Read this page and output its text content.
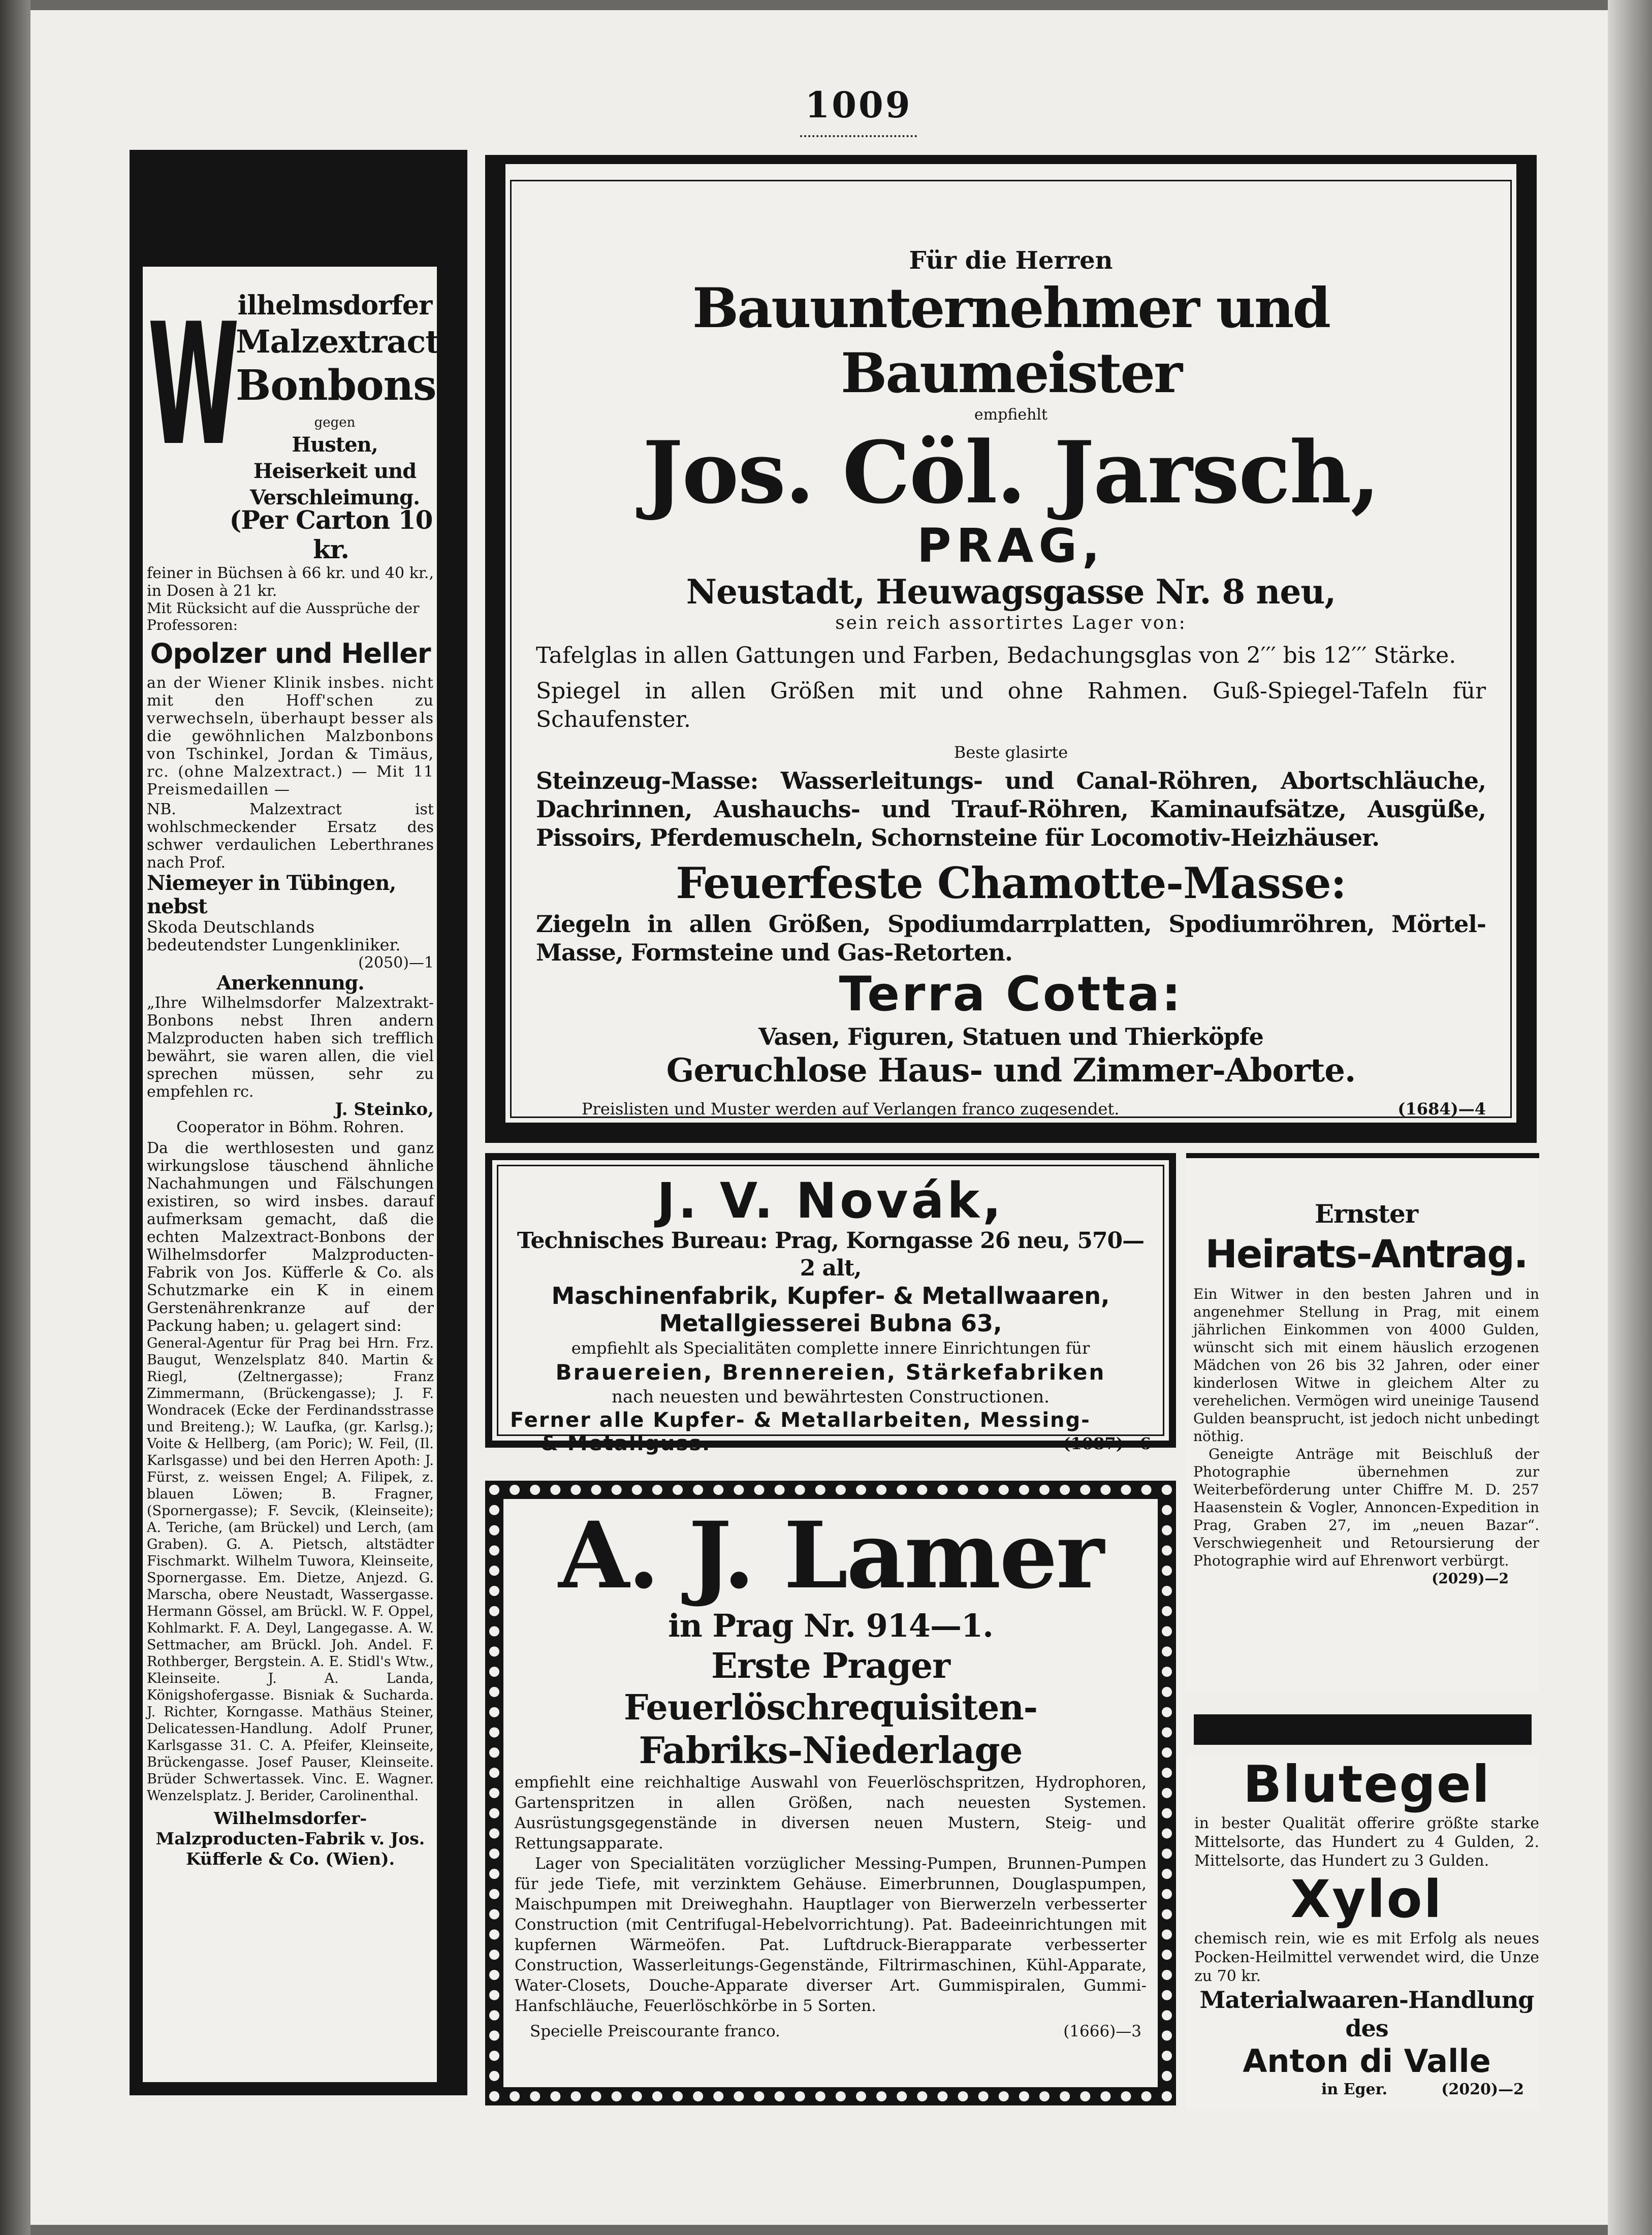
1009
W
ilhelmsdorfer
Malzextract-
Bonbons
gegen
Husten, Heiserkeit und Verschleimung.
(Per Carton 10 kr.
feiner in Büchsen à 66 kr. und 40 kr., in Dosen à 21 kr.
Mit Rücksicht auf die Aussprüche der Professoren:
Opolzer und Heller
an der Wiener Klinik insbes. nicht mit den Hoff'schen zu verwechseln, überhaupt besser als die gewöhnlichen Malzbonbons von Tschinkel, Jordan & Timäus, rc. (ohne Malzextract.) — Mit 11 Preismedaillen —
NB. Malzextract ist wohlschmeckender Ersatz des schwer verdaulichen Leberthranes nach Prof.
Niemeyer in Tübingen, nebst
Skoda Deutschlands bedeutendster Lungenkliniker.
(2050)—1
Anerkennung.
„Ihre Wilhelmsdorfer Malzextrakt-Bonbons nebst Ihren andern Malzproducten haben sich trefflich bewährt, sie waren allen, die viel sprechen müssen, sehr zu empfehlen rc.
J. Steinko,
Cooperator in Böhm. Rohren.
Da die werthlosesten und ganz wirkungslose täuschend ähnliche Nachahmungen und Fälschungen existiren, so wird insbes. darauf aufmerksam gemacht, daß die echten Malzextract-Bonbons der Wilhelmsdorfer Malzproducten-Fabrik von Jos. Küfferle & Co. als Schutzmarke ein K in einem Gerstenährenkranze auf der Packung haben; u. gelagert sind:
General-Agentur für Prag bei Hrn. Frz. Baugut, Wenzelsplatz 840. Martin & Riegl, (Zeltnergasse); Franz Zimmermann, (Brückengasse); J. F. Wondracek (Ecke der Ferdinandsstrasse und Breiteng.); W. Laufka, (gr. Karlsg.); Voite & Hellberg, (am Poric); W. Feil, (Il. Karlsgasse) und bei den Herren Apoth: J. Fürst, z. weissen Engel; A. Filipek, z. blauen Löwen; B. Fragner, (Spornergasse); F. Sevcik, (Kleinseite); A. Teriche, (am Brückel) und Lerch, (am Graben). G. A. Pietsch, altstädter Fischmarkt. Wilhelm Tuwora, Kleinseite, Spornergasse. Em. Dietze, Anjezd. G. Marscha, obere Neustadt, Wassergasse. Hermann Gössel, am Brückl. W. F. Oppel, Kohlmarkt. F. A. Deyl, Langegasse. A. W. Settmacher, am Brückl. Joh. Andel. F. Rothberger, Bergstein. A. E. Stidl's Wtw., Kleinseite. J. A. Landa, Königshofergasse. Bisniak & Sucharda. J. Richter, Korngasse. Mathäus Steiner, Delicatessen-Handlung. Adolf Pruner, Karlsgasse 31. C. A. Pfeifer, Kleinseite, Brückengasse. Josef Pauser, Kleinseite. Brüder Schwertassek. Vinc. E. Wagner. Wenzelsplatz. J. Berider, Carolinenthal.
Wilhelmsdorfer-Malzproducten-Fabrik v. Jos. Küfferle & Co. (Wien).
Für die Herren
Bauunternehmer und Baumeister
empfiehlt
Jos. Cöl. Jarsch,
PRAG,
Neustadt, Heuwagsgasse Nr. 8 neu,
sein reich assortirtes Lager von:
Tafelglas in allen Gattungen und Farben, Bedachungsglas von 2′′′ bis 12′′′ Stärke.
Spiegel in allen Größen mit und ohne Rahmen. Guß-Spiegel-Tafeln für Schaufenster.
Beste glasirte
Steinzeug-Masse: Wasserleitungs- und Canal-Röhren, Abortschläuche, Dachrinnen, Aushauchs- und Trauf-Röhren, Kaminaufsätze, Ausgüße, Pissoirs, Pferdemuscheln, Schornsteine für Locomotiv-Heizhäuser.
Feuerfeste Chamotte-Masse:
Ziegeln in allen Größen, Spodiumdarrplatten, Spodiumröhren, Mörtel-Masse, Formsteine und Gas-Retorten.
Terra Cotta:
Vasen, Figuren, Statuen und Thierköpfe
Geruchlose Haus- und Zimmer-Aborte.
Preislisten und Muster werden auf Verlangen franco zugesendet.	(1684)—4
J. V. Novák,
Technisches Bureau: Prag, Korngasse 26 neu, 570—2 alt,
Maschinenfabrik, Kupfer- & Metallwaaren,
Metallgiesserei Bubna 63,
empfiehlt als Specialitäten complette innere Einrichtungen für
Brauereien, Brennereien, Stärkefabriken
nach neuesten und bewährtesten Constructionen.
Ferner alle Kupfer- & Metallarbeiten, Messing-
& Metallguss.	(1087)—6
A. J. Lamer
in Prag Nr. 914—1.
Erste Prager Feuerlöschrequisiten-
Fabriks-Niederlage
empfiehlt eine reichhaltige Auswahl von Feuerlöschspritzen, Hydrophoren, Gartenspritzen in allen Größen, nach neuesten Systemen. Ausrüstungsgegenstände in diversen neuen Mustern, Steig- und Rettungsapparate.
Lager von Specialitäten vorzüglicher Messing-Pumpen, Brunnen-Pumpen für jede Tiefe, mit verzinktem Gehäuse. Eimerbrunnen, Douglaspumpen, Maischpumpen mit Dreiweghahn. Hauptlager von Bierwerzeln verbesserter Construction (mit Centrifugal-Hebelvorrichtung). Pat. Badeeinrichtungen mit kupfernen Wärmeöfen. Pat. Luftdruck-Bierapparate verbesserter Construction, Wasserleitungs-Gegenstände, Filtrirmaschinen, Kühl-Apparate, Water-Closets, Douche-Apparate diverser Art. Gummispiralen, Gummi-Hanfschläuche, Feuerlöschkörbe in 5 Sorten.
Specielle Preiscourante franco.	(1666)—3
Ernster
Heirats-Antrag.
Ein Witwer in den besten Jahren und in angenehmer Stellung in Prag, mit einem jährlichen Einkommen von 4000 Gulden, wünscht sich mit einem häuslich erzogenen Mädchen von 26 bis 32 Jahren, oder einer kinderlosen Witwe in gleichem Alter zu verehelichen. Vermögen wird uneinige Tausend Gulden beansprucht, ist jedoch nicht unbedingt nöthig.
Geneigte Anträge mit Beischluß der Photographie übernehmen zur Weiterbeförderung unter Chiffre M. D. 257 Haasenstein & Vogler, Annoncen-Expedition in Prag, Graben 27, im „neuen Bazar“. Verschwiegenheit und Retoursierung der Photographie wird auf Ehrenwort verbürgt.
(2029)—2
Blutegel
in bester Qualität offerire größte starke Mittelsorte, das Hundert zu 4 Gulden, 2. Mittelsorte, das Hundert zu 3 Gulden.
Xylol
chemisch rein, wie es mit Erfolg als neues Pocken-Heilmittel verwendet wird, die Unze zu 70 kr.
Materialwaaren-Handlung des
Anton di Valle
in Eger.	(2020)—2
